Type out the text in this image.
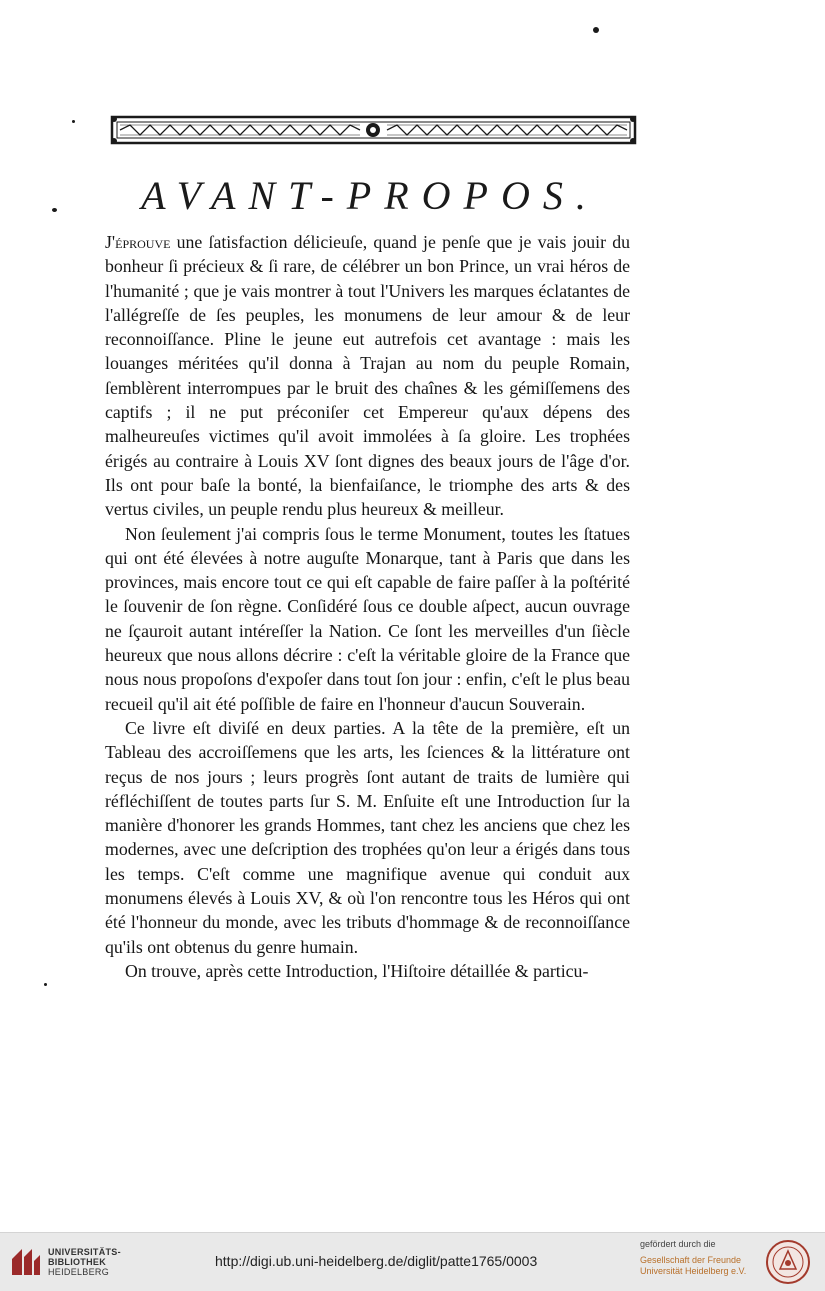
AVANT-PROPOS.

J'éprouve une ſatisfaction délicieuſe, quand je penſe que je vais jouir du bonheur ſi précieux & ſi rare, de célébrer un bon Prince, un vrai héros de l'humanité ; que je vais montrer à tout l'Univers les marques éclatantes de l'allégreſſe de ſes peuples, les monumens de leur amour & de leur reconnoiſſance. Pline le jeune eut autrefois cet avantage : mais les louanges méritées qu'il donna à Trajan au nom du peuple Romain, ſemblèrent interrompues par le bruit des chaînes & les gémiſſemens des captifs ; il ne put préconiſer cet Empereur qu'aux dépens des malheureuſes victimes qu'il avoit immolées à ſa gloire. Les trophées érigés au contraire à Louis XV ſont dignes des beaux jours de l'âge d'or. Ils ont pour baſe la bonté, la bienfaiſance, le triomphe des arts & des vertus civiles, un peuple rendu plus heureux & meilleur.

Non ſeulement j'ai compris ſous le terme Monument, toutes les ſtatues qui ont été élevées à notre auguſte Monarque, tant à Paris que dans les provinces, mais encore tout ce qui eſt capable de faire paſſer à la poſtérité le ſouvenir de ſon règne. Conſidéré ſous ce double aſpect, aucun ouvrage ne ſçauroit autant intéreſſer la Nation. Ce ſont les merveilles d'un ſiècle heureux que nous allons décrire : c'eſt la véritable gloire de la France que nous nous propoſons d'expoſer dans tout ſon jour : enfin, c'eſt le plus beau recueil qu'il ait été poſſible de faire en l'honneur d'aucun Souverain.

Ce livre eſt diviſé en deux parties. A la tête de la première, eſt un Tableau des accroiſſemens que les arts, les ſciences & la littérature ont reçus de nos jours ; leurs progrès ſont autant de traits de lumière qui réfléchiſſent de toutes parts ſur S. M. Enſuite eſt une Introduction ſur la manière d'honorer les grands Hommes, tant chez les anciens que chez les modernes, avec une deſcription des trophées qu'on leur a érigés dans tous les temps. C'eſt comme une magnifique avenue qui conduit aux monumens élevés à Louis XV, & où l'on rencontre tous les Héros qui ont été l'honneur du monde, avec les tributs d'hommage & de reconnoiſſance qu'ils ont obtenus du genre humain.

On trouve, après cette Introduction, l'Hiſtoire détaillée & particu-

UNIVERSITÄTS-
BIBLIOTHEK
HEIDELBERG
http://digi.ub.uni-heidelberg.de/diglit/patte1765/0003
gefördert durch die
Gesellschaft der Freunde
Universität Heidelberg e.V.
